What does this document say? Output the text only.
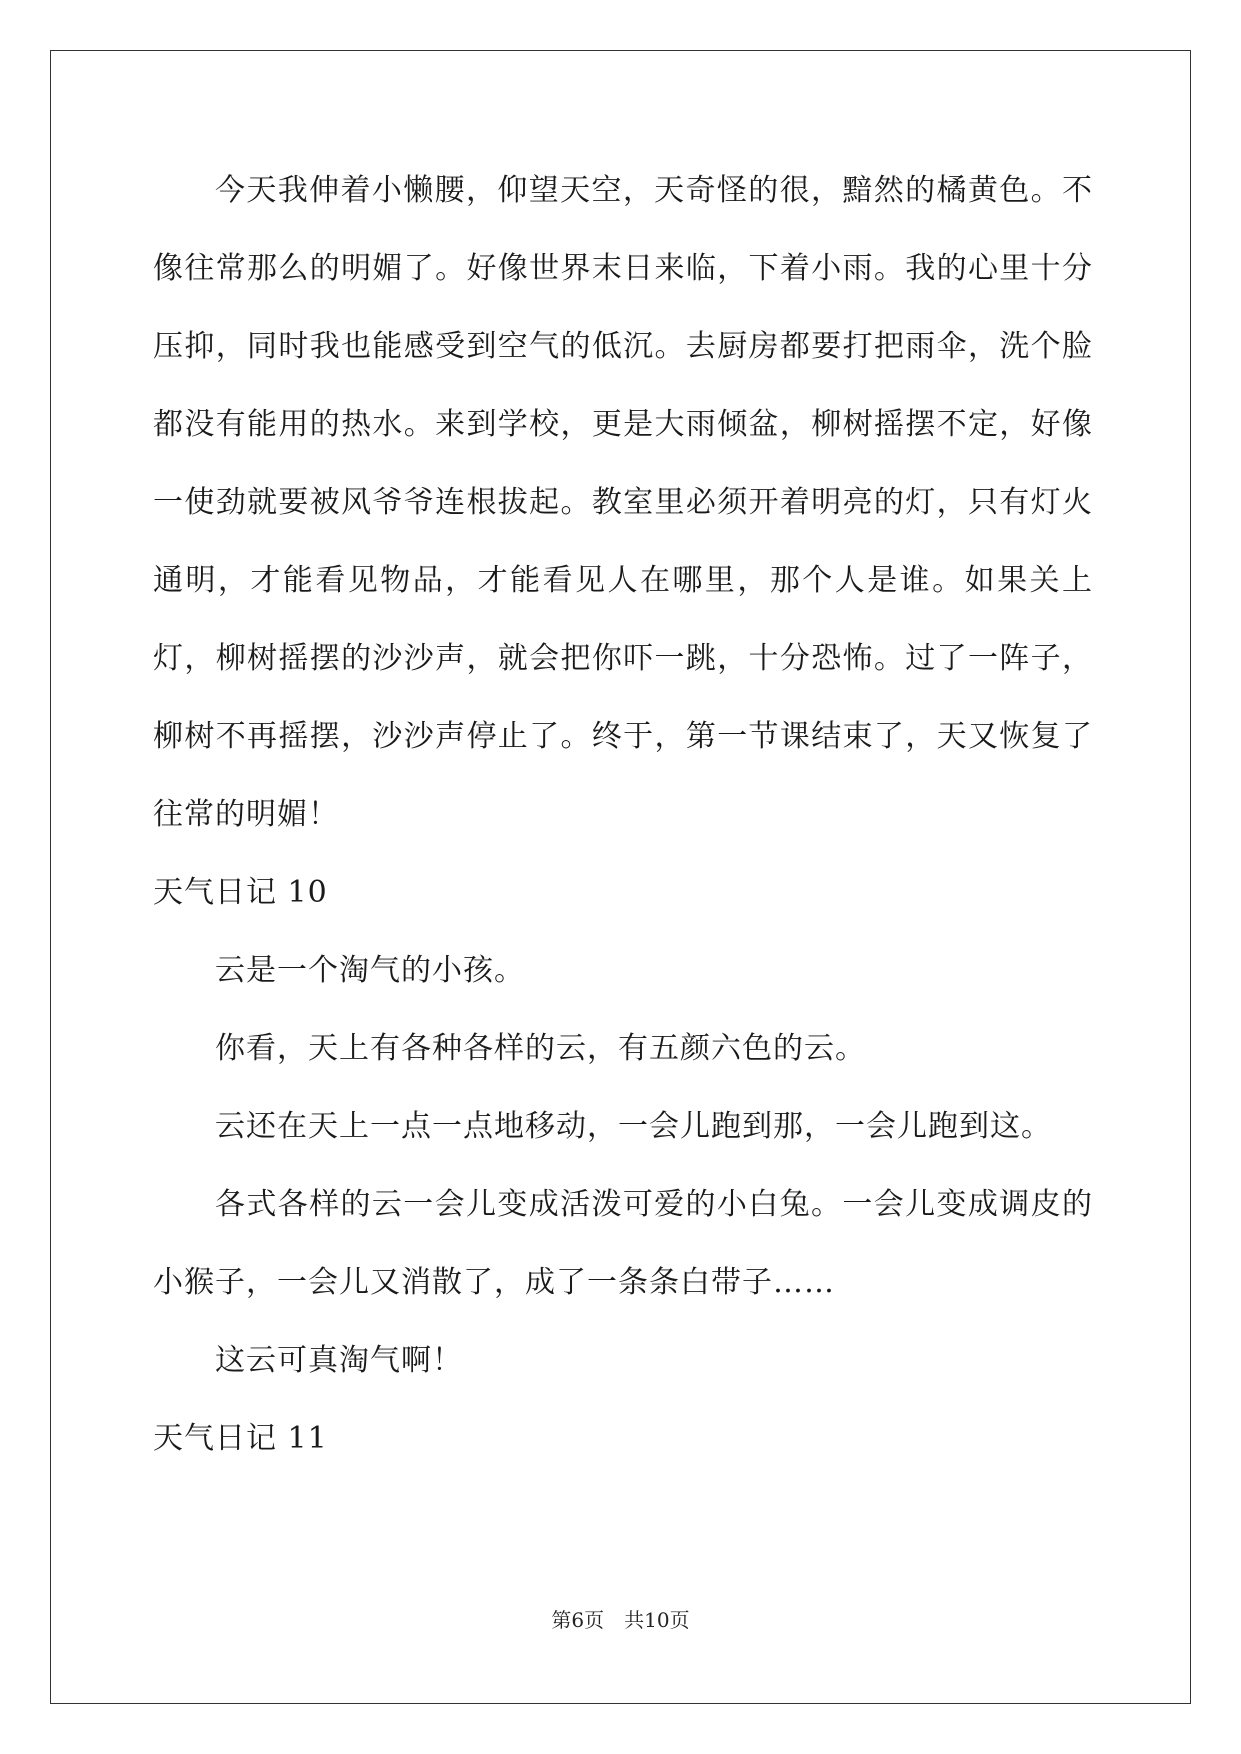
今天我伸着小懒腰，仰望天空，天奇怪的很，黯然的橘黄色。不像往常那么的明媚了。好像世界末日来临，下着小雨。我的心里十分压抑，同时我也能感受到空气的低沉。去厨房都要打把雨伞，洗个脸都没有能用的热水。来到学校，更是大雨倾盆，柳树摇摆不定，好像一使劲就要被风爷爷连根拔起。教室里必须开着明亮的灯，只有灯火通明，才能看见物品，才能看见人在哪里，那个人是谁。如果关上灯，柳树摇摆的沙沙声，就会把你吓一跳，十分恐怖。过了一阵子，柳树不再摇摆，沙沙声停止了。终于，第一节课结束了，天又恢复了往常的明媚！

天气日记 10

云是一个淘气的小孩。

你看，天上有各种各样的云，有五颜六色的云。

云还在天上一点一点地移动，一会儿跑到那，一会儿跑到这。

各式各样的云一会儿变成活泼可爱的小白兔。一会儿变成调皮的小猴子，一会儿又消散了，成了一条条白带子……

这云可真淘气啊！

天气日记 11

第6页　共10页
